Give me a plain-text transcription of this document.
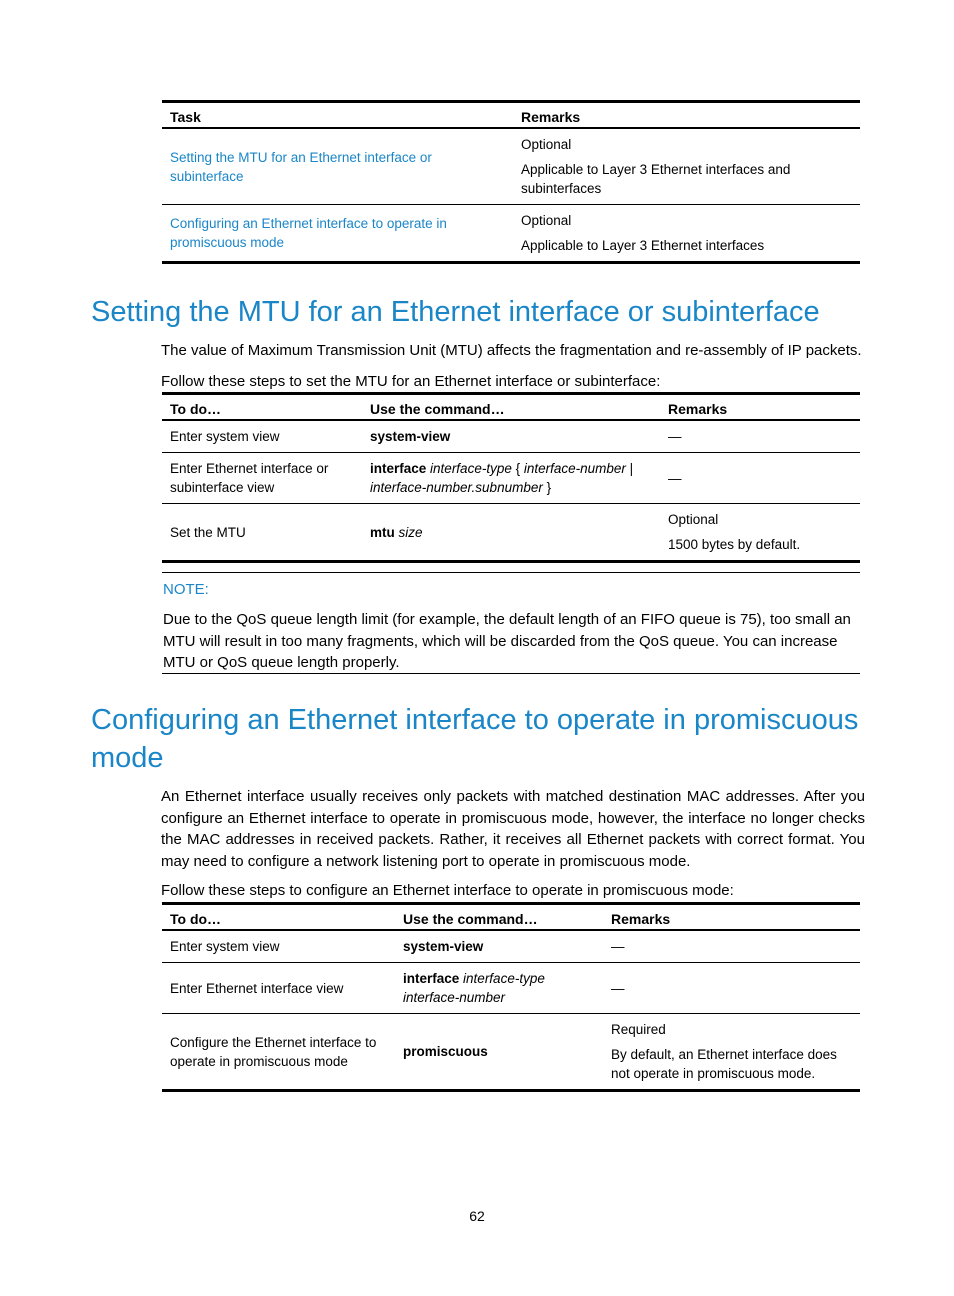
Task	Remarks
Setting the MTU for an Ethernet interface or subinterface	Optional

Applicable to Layer 3 Ethernet interfaces and subinterfaces

Configuring an Ethernet interface to operate in promiscuous mode	Optional

Applicable to Layer 3 Ethernet interfaces

Setting the MTU for an Ethernet interface or subinterface

The value of Maximum Transmission Unit (MTU) affects the fragmentation and re-assembly of IP packets.

Follow these steps to set the MTU for an Ethernet interface or subinterface:

To do…	Use the command…	Remarks
Enter system view	system-view	—
Enter Ethernet interface or subinterface view	interface interface-type { interface-number |
interface-number.subnumber }	—
Set the MTU	mtu size	Optional

1500 bytes by default.

NOTE:

Due to the QoS queue length limit (for example, the default length of an FIFO queue is 75), too small an MTU will result in too many fragments, which will be discarded from the QoS queue. You can increase MTU or QoS queue length properly.

Configuring an Ethernet interface to operate in promiscuous
mode

An Ethernet interface usually receives only packets with matched destination MAC addresses. After you configure an Ethernet interface to operate in promiscuous mode, however, the interface no longer checks the MAC addresses in received packets. Rather, it receives all Ethernet packets with correct format. You may need to configure a network listening port to operate in promiscuous mode.

Follow these steps to configure an Ethernet interface to operate in promiscuous mode:

To do…	Use the command…	Remarks
Enter system view	system-view	—
Enter Ethernet interface view	interface interface-type
interface-number	—
Configure the Ethernet interface to operate in promiscuous mode	promiscuous	Required

By default, an Ethernet interface does not operate in promiscuous mode.

62
